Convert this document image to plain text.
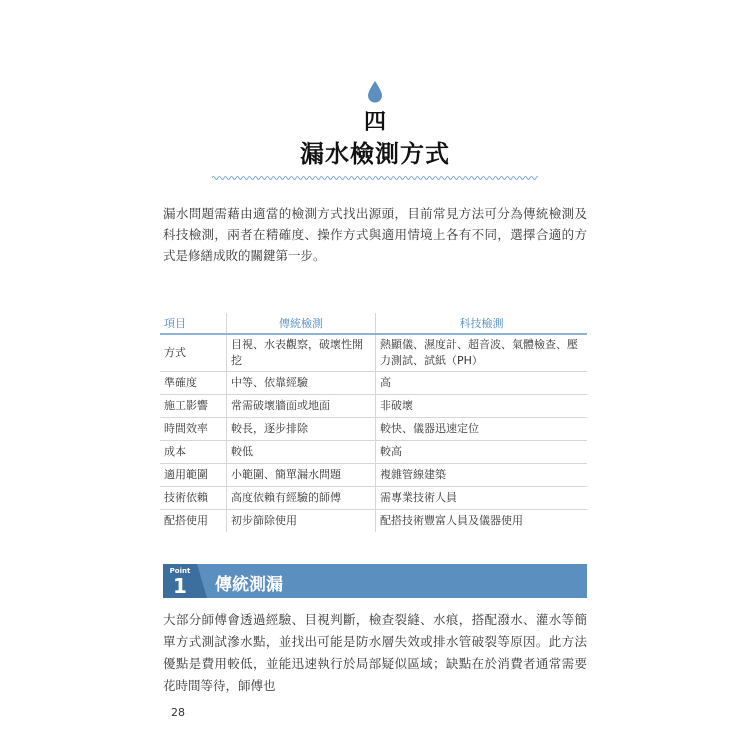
四
漏水檢測方式
漏水問題需藉由適當的檢測方式找出源頭，目前常見方法可分為傳統檢測及科技檢測，兩者在精確度、操作方式與適用情境上各有不同，選擇合適的方式是修繕成敗的關鍵第一步。
項目	傳統檢測	科技檢測
方式	目視、水表觀察，破壞性開挖	熱顯儀、濕度計、超音波、氣體檢查、壓力測試、試紙（PH）
準確度	中等、依靠經驗	高
施工影響	常需破壞牆面或地面	非破壞
時間效率	較長，逐步排除	較快、儀器迅速定位
成本	較低	較高
適用範圍	小範圍、簡單漏水問題	複雜管線建築
技術依賴	高度依賴有經驗的師傅	需專業技術人員
配搭使用	初步篩除使用	配搭技術豐富人員及儀器使用
Point
1	傳統測漏
大部分師傅會透過經驗、目視判斷，檢查裂縫、水痕，搭配潑水、灌水等簡單方式測試滲水點，並找出可能是防水層失效或排水管破裂等原因。此方法優點是費用較低，並能迅速執行於局部疑似區域；缺點在於消費者通常需要花時間等待，師傅也
28
